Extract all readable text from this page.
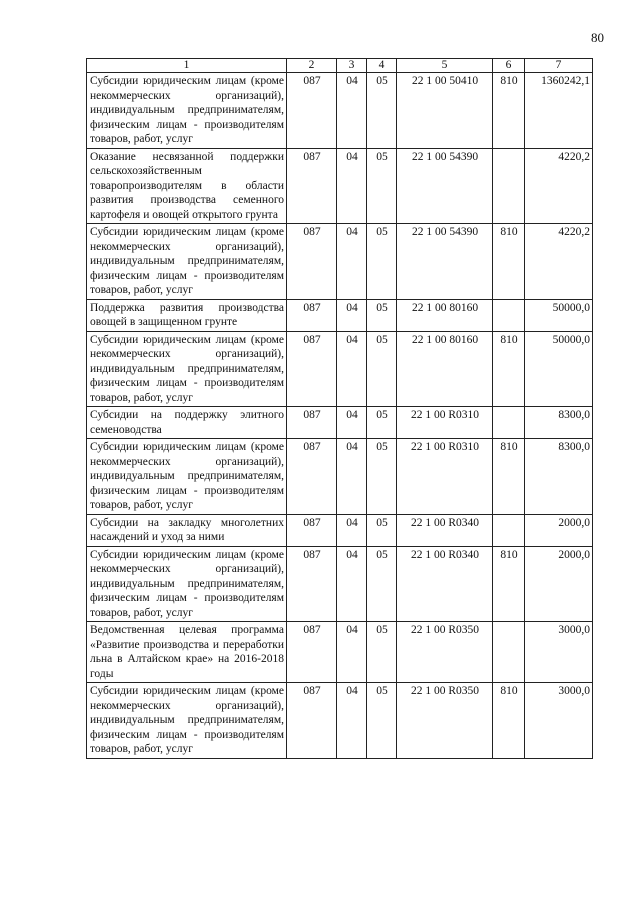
80
1	2	3	4	5	6	7
Субсидии юридическим лицам (кроме некоммерческих организаций), индивидуальным предпринимателям, физическим лицам - производителям товаров, работ, услуг	087	04	05	22 1 00 50410	810	1360242,1
Оказание несвязанной поддержки сельскохозяйственным товаропроизводителям в области развития производства семенного картофеля и овощей открытого грунта	087	04	05	22 1 00 54390		4220,2
Субсидии юридическим лицам (кроме некоммерческих организаций), индивидуальным предпринимателям, физическим лицам - производителям товаров, работ, услуг	087	04	05	22 1 00 54390	810	4220,2
Поддержка развития производства овощей в защищенном грунте	087	04	05	22 1 00 80160		50000,0
Субсидии юридическим лицам (кроме некоммерческих организаций), индивидуальным предпринимателям, физическим лицам - производителям товаров, работ, услуг	087	04	05	22 1 00 80160	810	50000,0
Субсидии на поддержку элитного семеноводства	087	04	05	22 1 00 R0310		8300,0
Субсидии юридическим лицам (кроме некоммерческих организаций), индивидуальным предпринимателям, физическим лицам - производителям товаров, работ, услуг	087	04	05	22 1 00 R0310	810	8300,0
Субсидии на закладку многолетних насаждений и уход за ними	087	04	05	22 1 00 R0340		2000,0
Субсидии юридическим лицам (кроме некоммерческих организаций), индивидуальным предпринимателям, физическим лицам - производителям товаров, работ, услуг	087	04	05	22 1 00 R0340	810	2000,0
Ведомственная целевая программа «Развитие производства и переработки льна в Алтайском крае» на 2016-2018 годы	087	04	05	22 1 00 R0350		3000,0
Субсидии юридическим лицам (кроме некоммерческих организаций), индивидуальным предпринимателям, физическим лицам - производителям товаров, работ, услуг	087	04	05	22 1 00 R0350	810	3000,0
